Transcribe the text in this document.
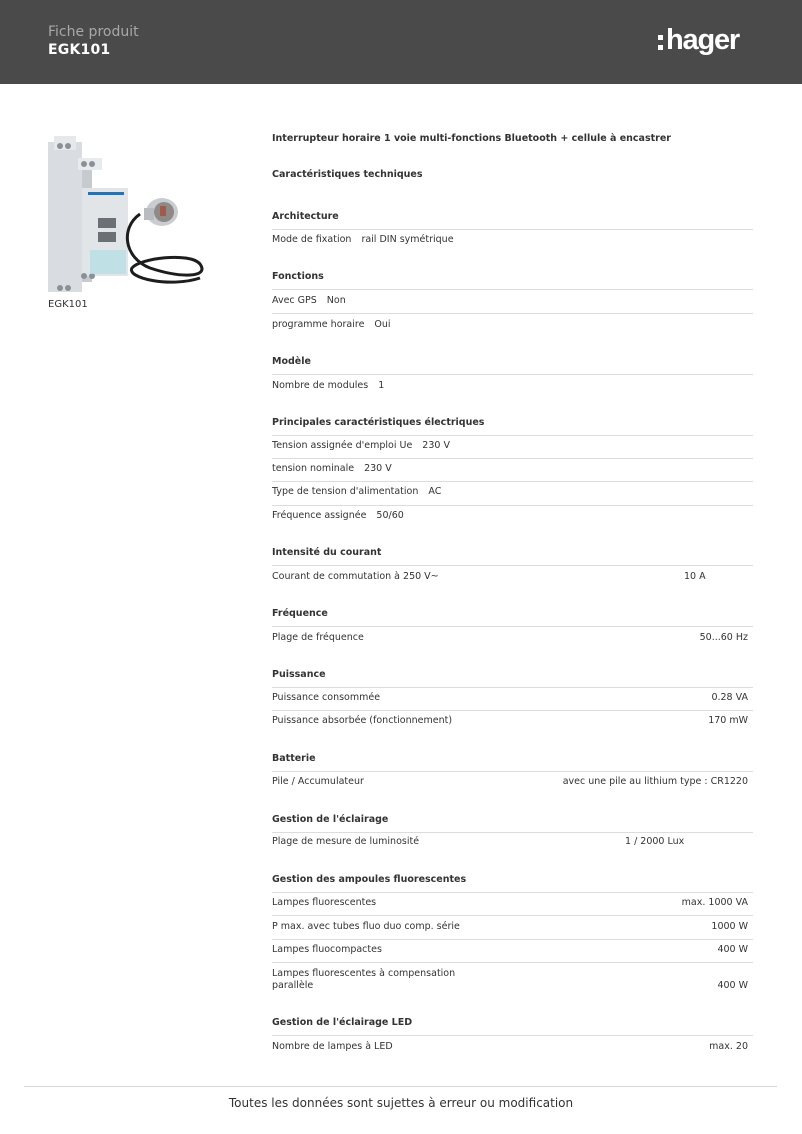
Fiche produit
EGK101	hager
EGK101
Interrupteur horaire 1 voie multi-fonctions Bluetooth + cellule à encastrer
Caractéristiques techniques
Architecture
Mode de fixation rail DIN symétrique
Fonctions
Avec GPS Non
programme horaire Oui
Modèle
Nombre de modules 1
Principales caractéristiques électriques
Tension assignée d'emploi Ue 230 V
tension nominale 230 V
Type de tension d'alimentation AC
Fréquence assignée 50/60
Intensité du courant
Courant de commutation à 250 V~	10 A
Fréquence
Plage de fréquence	50...60 Hz
Puissance
Puissance consommée	0.28 VA
Puissance absorbée (fonctionnement)	170 mW
Batterie
Pile / Accumulateur	avec une pile au lithium type : CR1220
Gestion de l'éclairage
Plage de mesure de luminosité	1 / 2000 Lux
Gestion des ampoules fluorescentes
Lampes fluorescentes	max. 1000 VA
P max. avec tubes fluo duo comp. série	1000 W
Lampes fluocompactes	400 W
Lampes fluorescentes à compensation
parallèle	400 W
Gestion de l'éclairage LED
Nombre de lampes à LED	max. 20
Toutes les données sont sujettes à erreur ou modification
